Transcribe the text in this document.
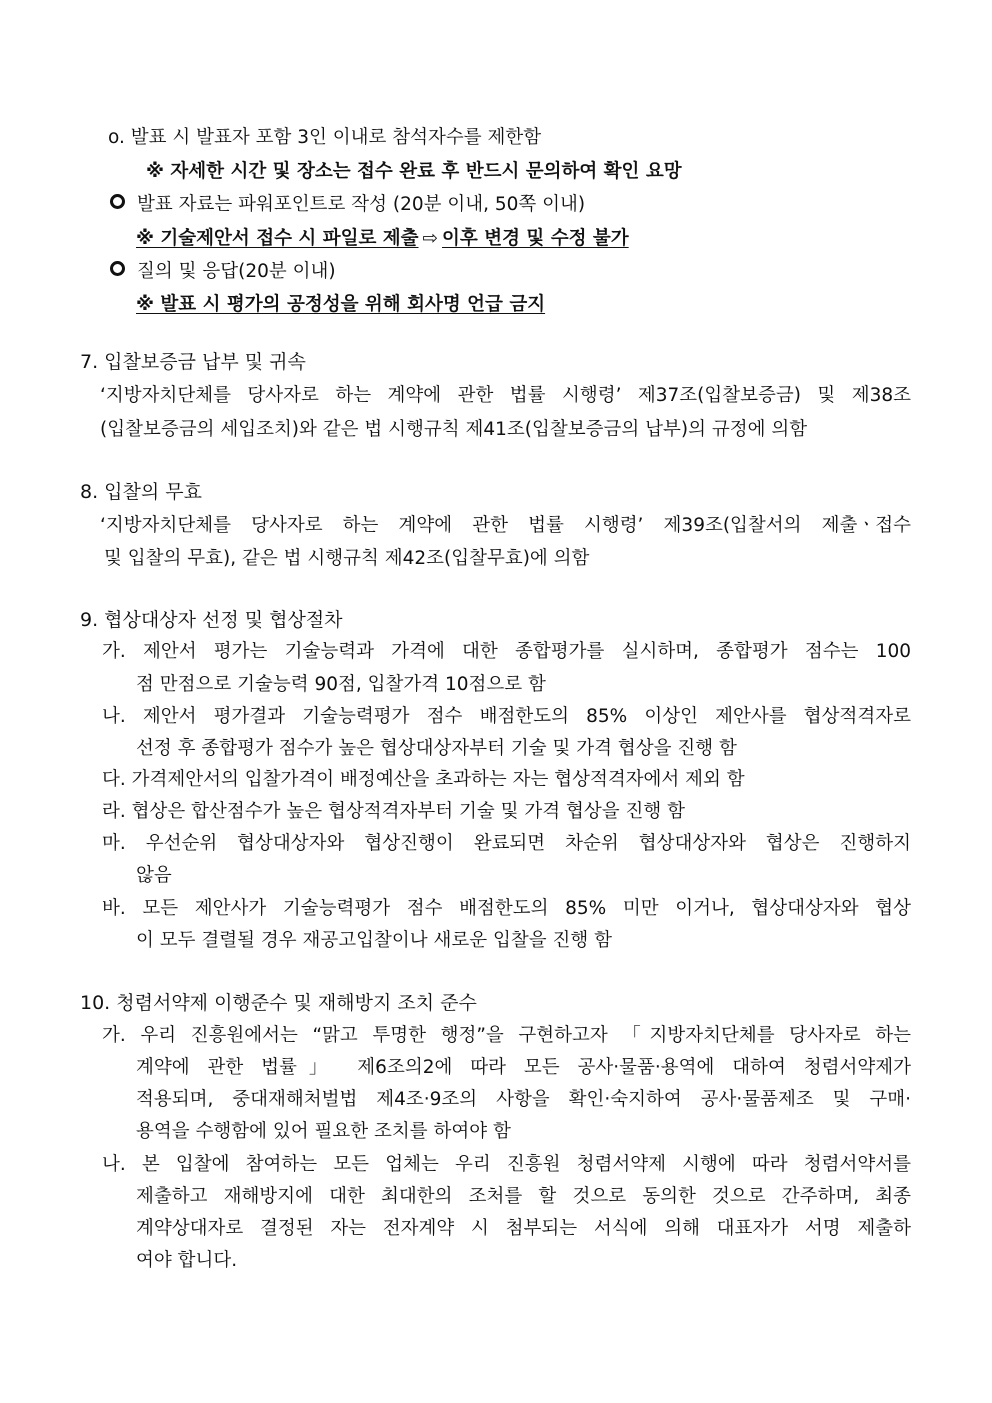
o. 발표 시 발표자 포함 3인 이내로 참석자수를 제한함
※ 자세한 시간 및 장소는 접수 완료 후 반드시 문의하여 확인 요망
발표 자료는 파워포인트로 작성 (20분 이내, 50쪽 이내)
※ 기술제안서 접수 시 파일로 제출 ⇨ 이후 변경 및 수정 불가
질의 및 응답(20분 이내)
※ 발표 시 평가의 공정성을 위해 회사명 언급 금지
7. 입찰보증금 납부 및 귀속
‘지방자치단체를 당사자로 하는 계약에 관한 법률 시행령’ 제37조(입찰보증금) 및 제38조
(입찰보증금의 세입조치)와 같은 법 시행규칙 제41조(입찰보증금의 납부)의 규정에 의함
8. 입찰의 무효
‘지방자치단체를 당사자로 하는 계약에 관한 법률 시행령’ 제39조(입찰서의 제출ㆍ접수
및 입찰의 무효), 같은 법 시행규칙 제42조(입찰무효)에 의함
9. 협상대상자 선정 및 협상절차
가. 제안서 평가는 기술능력과 가격에 대한 종합평가를 실시하며, 종합평가 점수는 100
점 만점으로 기술능력 90점, 입찰가격 10점으로 함
나. 제안서 평가결과 기술능력평가 점수 배점한도의 85% 이상인 제안사를 협상적격자로
선정 후 종합평가 점수가 높은 협상대상자부터 기술 및 가격 협상을 진행 함
다. 가격제안서의 입찰가격이 배정예산을 초과하는 자는 협상적격자에서 제외 함
라. 협상은 합산점수가 높은 협상적격자부터 기술 및 가격 협상을 진행 함
마. 우선순위 협상대상자와 협상진행이 완료되면 차순위 협상대상자와 협상은 진행하지
않음
바. 모든 제안사가 기술능력평가 점수 배점한도의 85% 미만 이거나, 협상대상자와 협상
이 모두 결렬될 경우 재공고입찰이나 새로운 입찰을 진행 함
10. 청렴서약제 이행준수 및 재해방지 조치 준수
가. 우리 진흥원에서는 “맑고 투명한 행정”을 구현하고자 「지방자치단체를 당사자로 하는
계약에 관한 법률」 제6조의2에 따라 모든 공사·물품·용역에 대하여 청렴서약제가
적용되며, 중대재해처벌법 제4조·9조의 사항을 확인·숙지하여 공사·물품제조 및 구매·
용역을 수행함에 있어 필요한 조치를 하여야 함
나. 본 입찰에 참여하는 모든 업체는 우리 진흥원 청렴서약제 시행에 따라 청렴서약서를
제출하고 재해방지에 대한 최대한의 조처를 할 것으로 동의한 것으로 간주하며, 최종
계약상대자로 결정된 자는 전자계약 시 첨부되는 서식에 의해 대표자가 서명 제출하
여야 합니다.
